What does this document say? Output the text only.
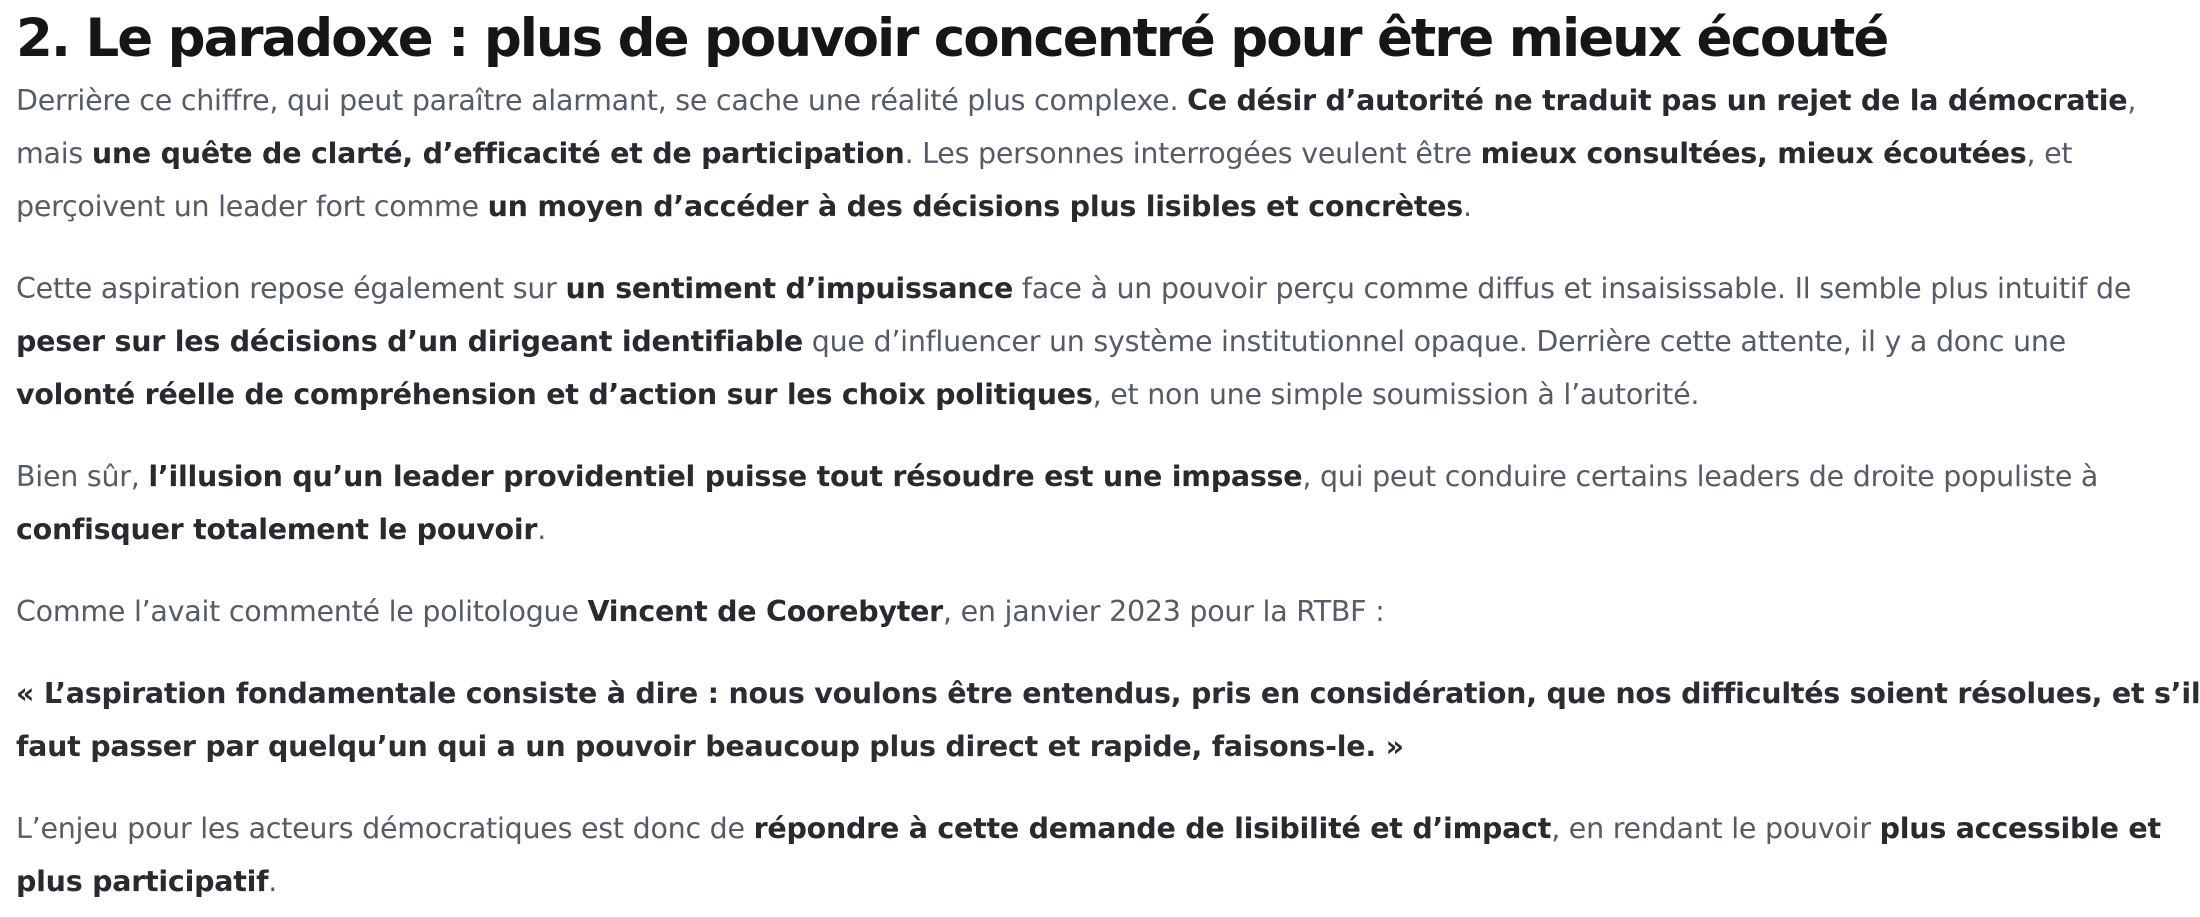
2. Le paradoxe : plus de pouvoir concentré pour être mieux écouté

Derrière ce chiffre, qui peut paraître alarmant, se cache une réalité plus complexe. Ce désir d’autorité ne traduit pas un rejet de la démocratie,
mais une quête de clarté, d’efficacité et de participation. Les personnes interrogées veulent être mieux consultées, mieux écoutées, et
perçoivent un leader fort comme un moyen d’accéder à des décisions plus lisibles et concrètes.

Cette aspiration repose également sur un sentiment d’impuissance face à un pouvoir perçu comme diffus et insaisissable. Il semble plus intuitif de
peser sur les décisions d’un dirigeant identifiable que d’influencer un système institutionnel opaque. Derrière cette attente, il y a donc une
volonté réelle de compréhension et d’action sur les choix politiques, et non une simple soumission à l’autorité.

Bien sûr, l’illusion qu’un leader providentiel puisse tout résoudre est une impasse, qui peut conduire certains leaders de droite populiste à
confisquer totalement le pouvoir.

Comme l’avait commenté le politologue Vincent de Coorebyter, en janvier 2023 pour la RTBF :

« L’aspiration fondamentale consiste à dire : nous voulons être entendus, pris en considération, que nos difficultés soient résolues, et s’il
faut passer par quelqu’un qui a un pouvoir beaucoup plus direct et rapide, faisons-le. »

L’enjeu pour les acteurs démocratiques est donc de répondre à cette demande de lisibilité et d’impact, en rendant le pouvoir plus accessible et
plus participatif.
